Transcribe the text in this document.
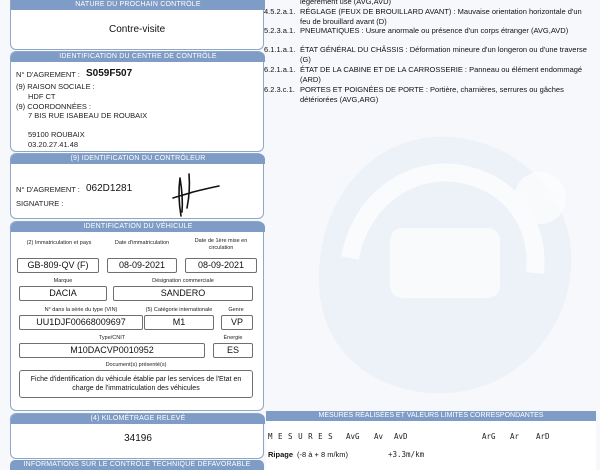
NATURE DU PROCHAIN CONTRÔLE
Contre-visite
IDENTIFICATION DU CENTRE DE CONTRÔLE
N° D'AGREMENT : S059F507
(9) RAISON SOCIALE :
HDF CT
(9) COORDONNÉES :
7 BIS RUE ISABEAU DE ROUBAIX
59100 ROUBAIX
03.20.27.41.48
(9) IDENTIFICATION DU CONTRÔLEUR
N° D'AGREMENT : 062D1281
SIGNATURE :
IDENTIFICATION DU VÉHICULE
(2) Immatriculation et pays	Date d'immatriculation	Date de 1ère mise en circulation
GB-809-QV (F)	08-09-2021	08-09-2021
Marque	Désignation commerciale
DACIA	SANDERO
N° dans la série du type (VIN)	(5) Catégorie internationale	Genre
UU1DJF00668009697	M1	VP
Type/CNIT	Énergie
M10DACVP0010952	ES
Document(s) présenté(s)
Fiche d'identification du véhicule établie par les services de l'Etat en charge de l'immatriculation des véhicules
(4) KILOMÉTRAGE RELEVÉ
34196
INFORMATIONS SUR LE CONTRÔLE TECHNIQUE DÉFAVORABLE
légèrement usé (AVG,AVD)
4.5.2.a.1. RÉGLAGE (FEUX DE BROUILLARD AVANT) : Mauvaise orientation horizontale d'un feu de brouillard avant (D)
5.2.3.a.1. PNEUMATIQUES : Usure anormale ou présence d'un corps étranger (AVG,AVD)
6.1.1.a.1. ÉTAT GÉNÉRAL DU CHÂSSIS : Déformation mineure d'un longeron ou d'une traverse (G)
6.2.1.a.1. ÉTAT DE LA CABINE ET DE LA CARROSSERIE : Panneau ou élément endommagé (ARD)
6.2.3.c.1. PORTES ET POIGNÉES DE PORTE : Portière, charnières, serrures ou gâches détériorées (AVG,ARG)
MESURES RÉALISÉES ET VALEURS LIMITES CORRESPONDANTES
M E S U R E S AvG Av AvD	ArG Ar ArD
Ripage (-8 à + 8 m/km)	+3.3m/km
